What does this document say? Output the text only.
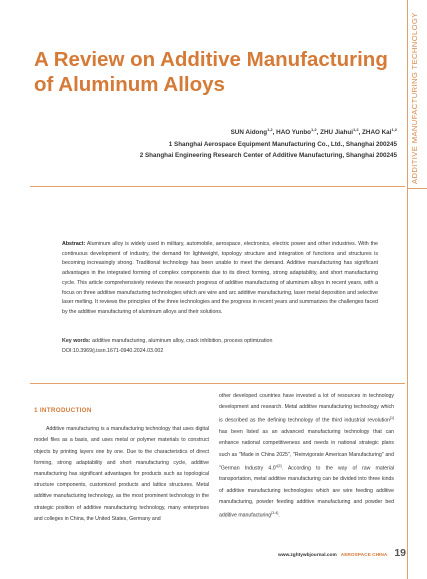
ADDITIVE MANUFACTURING TECHNOLOGY
A Review on Additive Manufacturing of Aluminum Alloys
SUN Aidong$^{1,2}$, HAO Yunbo$^{1,2}$, ZHU Jiahui$^{1,2}$, ZHAO Kai$^{1,2}$
1 Shanghai Aerospace Equipment Manufacturing Co., Ltd., Shanghai 200245
2 Shanghai Engineering Research Center of Additive Manufacturing, Shanghai 200245
Abstract: Aluminum alloy is widely used in military, automobile, aerospace, electronics, electric power and other industries. With the continuous development of industry, the demand for lightweight, topology structure and integration of functions and structures is becoming increasingly strong. Traditional technology has been unable to meet the demand. Additive manufacturing has significant advantages in the integrated forming of complex components due to its direct forming, strong adaptability, and short manufacturing cycle. This article comprehensively reviews the research progress of additive manufacturing of aluminum alloys in recent years, with a focus on three additive manufacturing technologies which are wire and arc additive manufacturing, laser metal deposition and selective laser melting. It reviews the principles of the three technologies and the progress in recent years and summarizes the challenges faced by the additive manufacturing of aluminum alloys and their solutions.
Key words: additive manufacturing, aluminum alloy, crack inhibition, process optimization
DOI:10.3969/j.issn.1671-0940.2024.03.002
1 INTRODUCTION

Additive manufacturing is a manufacturing technology that uses digital model files as a basis, and uses metal or polymer materials to construct objects by printing layers one by one. Due to the characteristics of direct forming, strong adaptability and short manufacturing cycle, additive manufacturing has significant advantages for products such as topological structure components, customized products and lattice structures. Metal additive manufacturing technology, as the most prominent technology in the strategic position of additive manufacturing technology, many enterprises and colleges in China, the United States, Germany and

other developed countries have invested a lot of resources in technology development and research. Metal additive manufacturing technology which is described as the defining technology of the third industrial revolution[1] has been listed as an advanced manufacturing technology that can enhance national competitiveness and needs in national strategic plans such as "Made in China 2025", "Reinvigorate American Manufacturing" and "German Industry 4.0"[2]. According to the way of raw material transportation, metal additive manufacturing can be divided into three kinds of additive manufacturing technologies which are wire feeding additive manufacturing, powder feeding additive manufacturing and powder bed additive manufacturing[3-4].

www.zghtywbjournal.com AEROSPACE CHINA 19
